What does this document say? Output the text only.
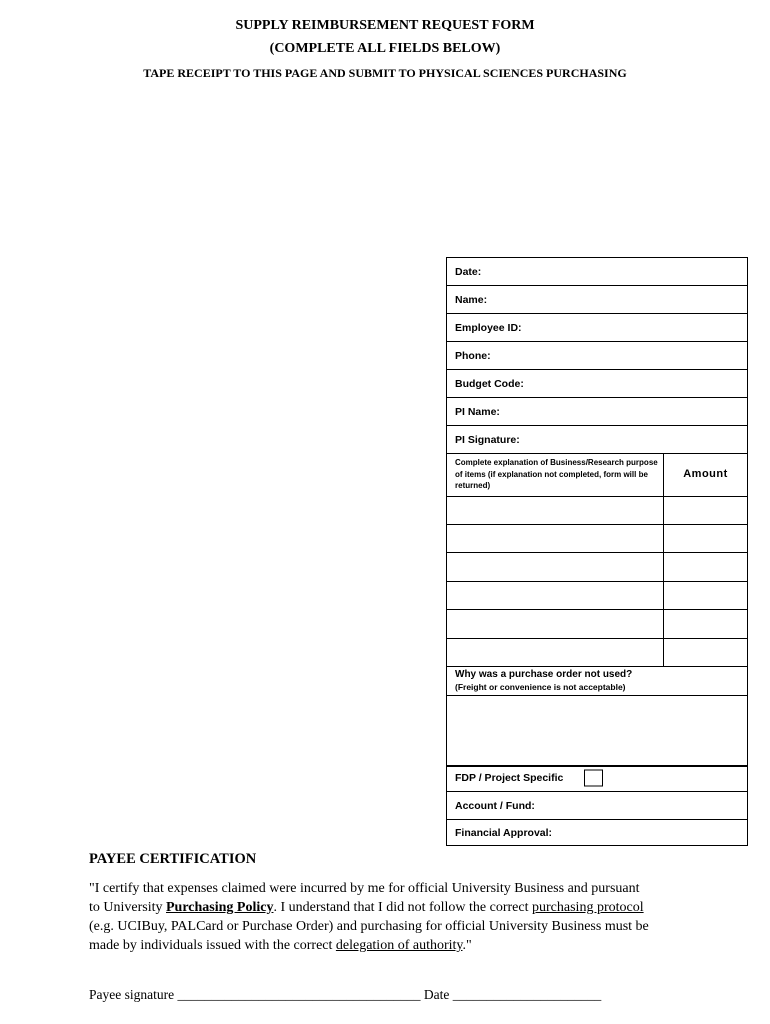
SUPPLY REIMBURSEMENT REQUEST FORM
(COMPLETE ALL FIELDS BELOW)
TAPE RECEIPT TO THIS PAGE AND SUBMIT TO PHYSICAL SCIENCES PURCHASING
Date:
Name:
Employee ID:
Phone:
Budget Code:
PI Name:
PI Signature:
Complete explanation of Business/Research purpose of items (if explanation not completed, form will be returned)
Amount
Why was a purchase order not used?
(Freight or convenience is not acceptable)
FDP / Project Specific
Account / Fund:
Financial Approval:
PAYEE CERTIFICATION
"I certify that expenses claimed were incurred by me for official University Business and pursuant to University Purchasing Policy. I understand that I did not follow the correct purchasing protocol (e.g. UCIBuy, PALCard or Purchase Order) and purchasing for official University Business must be made by individuals issued with the correct delegation of authority."
Payee signature ____________________________________ Date ______________________
